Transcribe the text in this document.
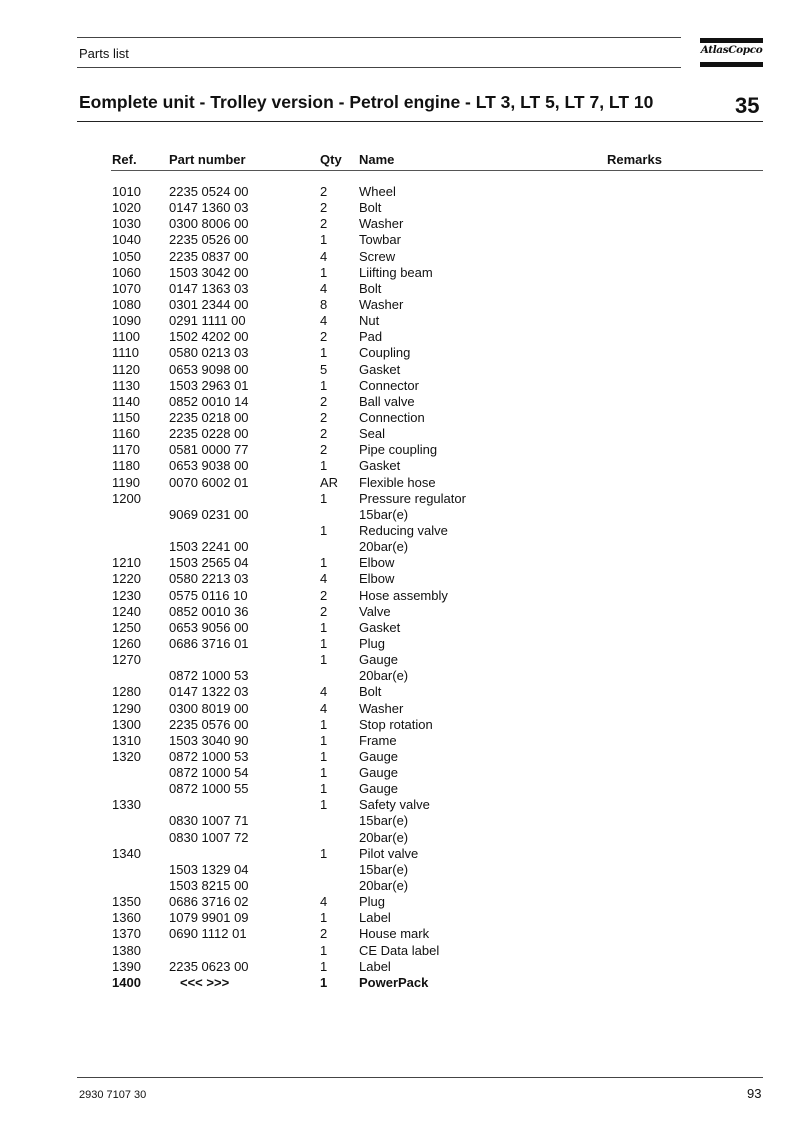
Parts list	AtlasCopco
Eomplete unit - Trolley version - Petrol engine - LT 3, LT 5, LT 7, LT 10	35
Ref. Part number	Qty Name	Remarks
1010 2235 0524 00	2 Wheel
1020 0147 1360 03	2 Bolt
1030 0300 8006 00	2 Washer
1040 2235 0526 00	1 Towbar
1050 2235 0837 00	4 Screw
1060 1503 3042 00	1 Liifting beam
1070 0147 1363 03	4 Bolt
1080 0301 2344 00	8 Washer
1090 0291 1111 00	4 Nut
1100 1502 4202 00	2 Pad
1110 0580 0213 03	1 Coupling
1120 0653 9098 00	5 Gasket
1130 1503 2963 01	1 Connector
1140 0852 0010 14	2 Ball valve
1150 2235 0218 00	2 Connection
1160 2235 0228 00	2 Seal
1170 0581 0000 77	2 Pipe coupling
1180 0653 9038 00	1 Gasket
1190 0070 6002 01	AR Flexible hose
1200	1 Pressure regulator
9069 0231 00	15bar(e)
1 Reducing valve
1503 2241 00	20bar(e)
1210 1503 2565 04	1 Elbow
1220 0580 2213 03	4 Elbow
1230 0575 0116 10	2 Hose assembly
1240 0852 0010 36	2 Valve
1250 0653 9056 00	1 Gasket
1260 0686 3716 01	1 Plug
1270	1 Gauge
0872 1000 53	20bar(e)
1280 0147 1322 03	4 Bolt
1290 0300 8019 00	4 Washer
1300 2235 0576 00	1 Stop rotation
1310 1503 3040 90	1 Frame
1320 0872 1000 53	1 Gauge
0872 1000 54	1 Gauge
0872 1000 55	1 Gauge
1330	1 Safety valve
0830 1007 71	15bar(e)
0830 1007 72	20bar(e)
1340	1 Pilot valve
1503 1329 04	15bar(e)
1503 8215 00	20bar(e)
1350 0686 3716 02	4 Plug
1360 1079 9901 09	1 Label
1370 0690 1112 01	2 House mark
1380	1 CE Data label
1390 2235 0623 00	1 Label
1400	<<< >>>	1 PowerPack
2930 7107 30	93
